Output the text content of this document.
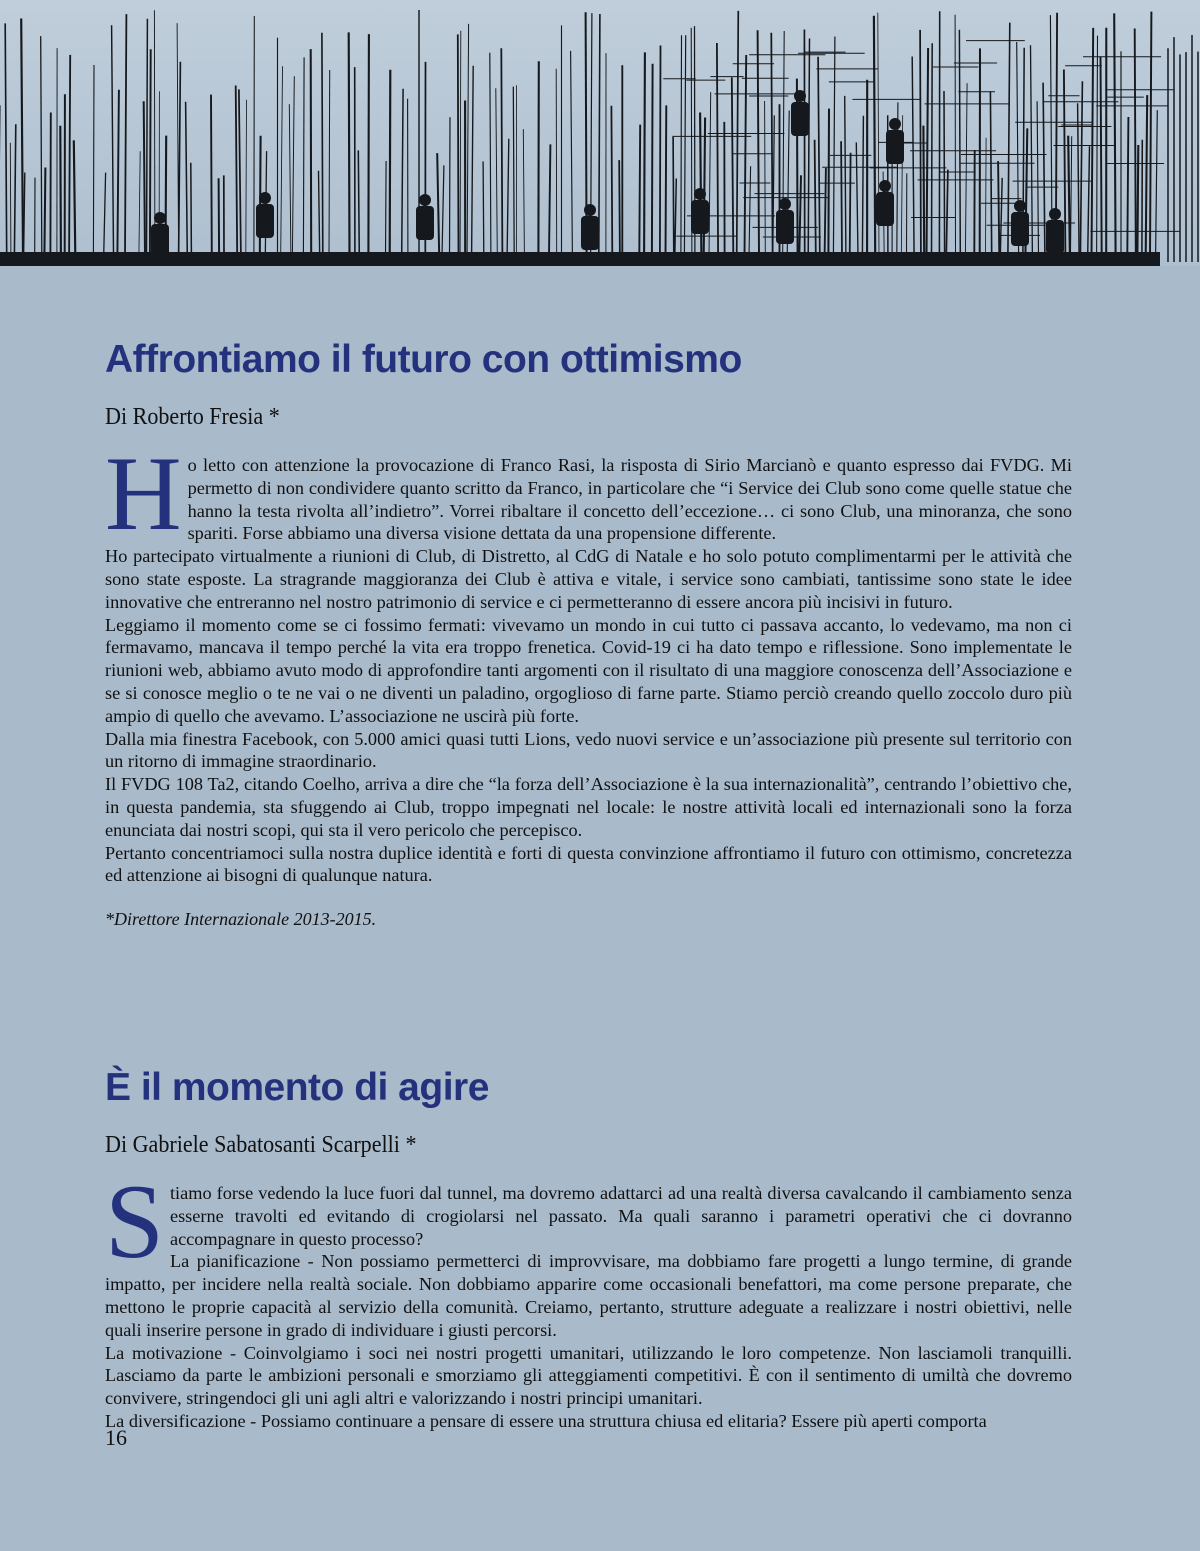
Affrontiamo il futuro con ottimismo
Di Roberto Fresia *
H o letto con attenzione la provocazione di Franco Rasi, la risposta di Sirio Marcianò e quanto espresso dai FVDG. Mi permetto di non condividere quanto scritto da Franco, in particolare che “i Service dei Club sono come quelle statue che hanno la testa rivolta all’indietro”. Vorrei ribaltare il concetto dell’eccezione… ci sono Club, una minoranza, che sono spariti. Forse abbiamo una diversa visione dettata da una propensione differente.

Ho partecipato virtualmente a riunioni di Club, di Distretto, al CdG di Natale e ho solo potuto complimentarmi per le attività che sono state esposte. La stragrande maggioranza dei Club è attiva e vitale, i service sono cambiati, tantissime sono state le idee innovative che entreranno nel nostro patrimonio di service e ci permetteranno di essere ancora più incisivi in futuro.

Leggiamo il momento come se ci fossimo fermati: vivevamo un mondo in cui tutto ci passava accanto, lo vedevamo, ma non ci fermavamo, mancava il tempo perché la vita era troppo frenetica. Covid-19 ci ha dato tempo e riflessione. Sono implementate le riunioni web, abbiamo avuto modo di approfondire tanti argomenti con il risultato di una maggiore conoscenza dell’Associazione e se si conosce meglio o te ne vai o ne diventi un paladino, orgoglioso di farne parte. Stiamo perciò creando quello zoccolo duro più ampio di quello che avevamo. L’associazione ne uscirà più forte.

Dalla mia finestra Facebook, con 5.000 amici quasi tutti Lions, vedo nuovi service e un’associazione più presente sul territorio con un ritorno di immagine straordinario.

Il FVDG 108 Ta2, citando Coelho, arriva a dire che “la forza dell’Associazione è la sua internazionalità”, centrando l’obiettivo che, in questa pandemia, sta sfuggendo ai Club, troppo impegnati nel locale: le nostre attività locali ed internazionali sono la forza enunciata dai nostri scopi, qui sta il vero pericolo che percepisco.

Pertanto concentriamoci sulla nostra duplice identità e forti di questa convinzione affrontiamo il futuro con ottimismo, concretezza ed attenzione ai bisogni di qualunque natura.

*Direttore Internazionale 2013-2015.
È il momento di agire
Di Gabriele Sabatosanti Scarpelli *
S tiamo forse vedendo la luce fuori dal tunnel, ma dovremo adattarci ad una realtà diversa cavalcando il cambiamento senza esserne travolti ed evitando di crogiolarsi nel passato. Ma quali saranno i parametri operativi che ci dovranno accompagnare in questo processo?

La pianificazione - Non possiamo permetterci di improvvisare, ma dobbiamo fare progetti a lungo termine, di grande impatto, per incidere nella realtà sociale. Non dobbiamo apparire come occasionali benefattori, ma come persone preparate, che mettono le proprie capacità al servizio della comunità. Creiamo, pertanto, strutture adeguate a realizzare i nostri obiettivi, nelle quali inserire persone in grado di individuare i giusti percorsi.

La motivazione - Coinvolgiamo i soci nei nostri progetti umanitari, utilizzando le loro competenze. Non lasciamoli tranquilli. Lasciamo da parte le ambizioni personali e smorziamo gli atteggiamenti competitivi. È con il sentimento di umiltà che dovremo convivere, stringendoci gli uni agli altri e valorizzando i nostri principi umanitari.

La diversificazione - Possiamo continuare a pensare di essere una struttura chiusa ed elitaria? Essere più aperti comporta

16
